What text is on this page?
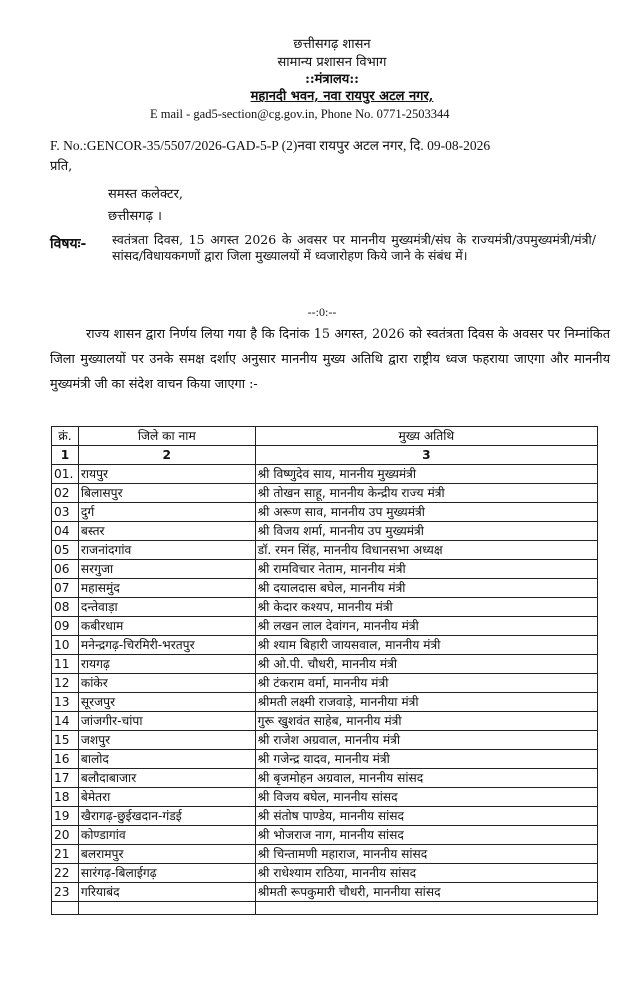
छत्तीसगढ़ शासन
सामान्य प्रशासन विभाग
::मंत्रालय::
महानदी भवन, नवा रायपुर अटल नगर,
E mail - gad5-section@cg.gov.in, Phone No. 0771-2503344
F. No.:GENCOR-35/5507/2026-GAD-5-P (2)नवा रायपुर अटल नगर, दि. 09-08-2026
प्रति,
समस्त कलेक्टर,
छत्तीसगढ़ ।
विषयः- स्वतंत्रता दिवस, 15 अगस्त 2026 के अवसर पर माननीय मुख्यमंत्री/संघ के राज्यमंत्री/उपमुख्यमंत्री/मंत्री/सांसद/विधायकगणों द्वारा जिला मुख्यालयों में ध्वजारोहण किये जाने के संबंध में।
--:0:--
राज्य शासन द्वारा निर्णय लिया गया है कि दिनांक 15 अगस्त, 2026 को स्वतंत्रता दिवस के अवसर पर निम्नांकित जिला मुख्यालयों पर उनके समक्ष दर्शाए अनुसार माननीय मुख्य अतिथि द्वारा राष्ट्रीय ध्वज फहराया जाएगा और माननीय मुख्यमंत्री जी का संदेश वाचन किया जाएगा :-
क्रं.	जिले का नाम	मुख्य अतिथि
1	2	3
01.	रायपुर	श्री विष्णुदेव साय, माननीय मुख्यमंत्री
02	बिलासपुर	श्री तोखन साहू, माननीय केन्द्रीय राज्य मंत्री
03	दुर्ग	श्री अरूण साव, माननीय उप मुख्यमंत्री
04	बस्तर	श्री विजय शर्मा, माननीय उप मुख्यमंत्री
05	राजनांदगांव	डॉ. रमन सिंह, माननीय विधानसभा अध्यक्ष
06	सरगुजा	श्री रामविचार नेताम, माननीय मंत्री
07	महासमुंद	श्री दयालदास बघेल, माननीय मंत्री
08	दन्तेवाड़ा	श्री केदार कश्यप, माननीय मंत्री
09	कबीरधाम	श्री लखन लाल देवांगन, माननीय मंत्री
10	मनेन्द्रगढ़-चिरमिरी-भरतपुर	श्री श्याम बिहारी जायसवाल, माननीय मंत्री
11	रायगढ़	श्री ओ.पी. चौधरी, माननीय मंत्री
12	कांकेर	श्री टंकराम वर्मा, माननीय मंत्री
13	सूरजपुर	श्रीमती लक्ष्मी राजवाड़े, माननीया मंत्री
14	जांजगीर-चांपा	गुरू खुशवंत साहेब, माननीय मंत्री
15	जशपुर	श्री राजेश अग्रवाल, माननीय मंत्री
16	बालोद	श्री गजेन्द्र यादव, माननीय मंत्री
17	बलौदाबाजार	श्री बृजमोहन अग्रवाल, माननीय सांसद
18	बेमेतरा	श्री विजय बघेल, माननीय सांसद
19	खैरागढ़-छुईखदान-गंडई	श्री संतोष पाण्डेय, माननीय सांसद
20	कोण्डागांव	श्री भोजराज नाग, माननीय सांसद
21	बलरामपुर	श्री चिन्तामणी महाराज, माननीय सांसद
22	सारंगढ़-बिलाईगढ़	श्री राधेश्याम राठिया, माननीय सांसद
23	गरियाबंद	श्रीमती रूपकुमारी चौधरी, माननीया सांसद
